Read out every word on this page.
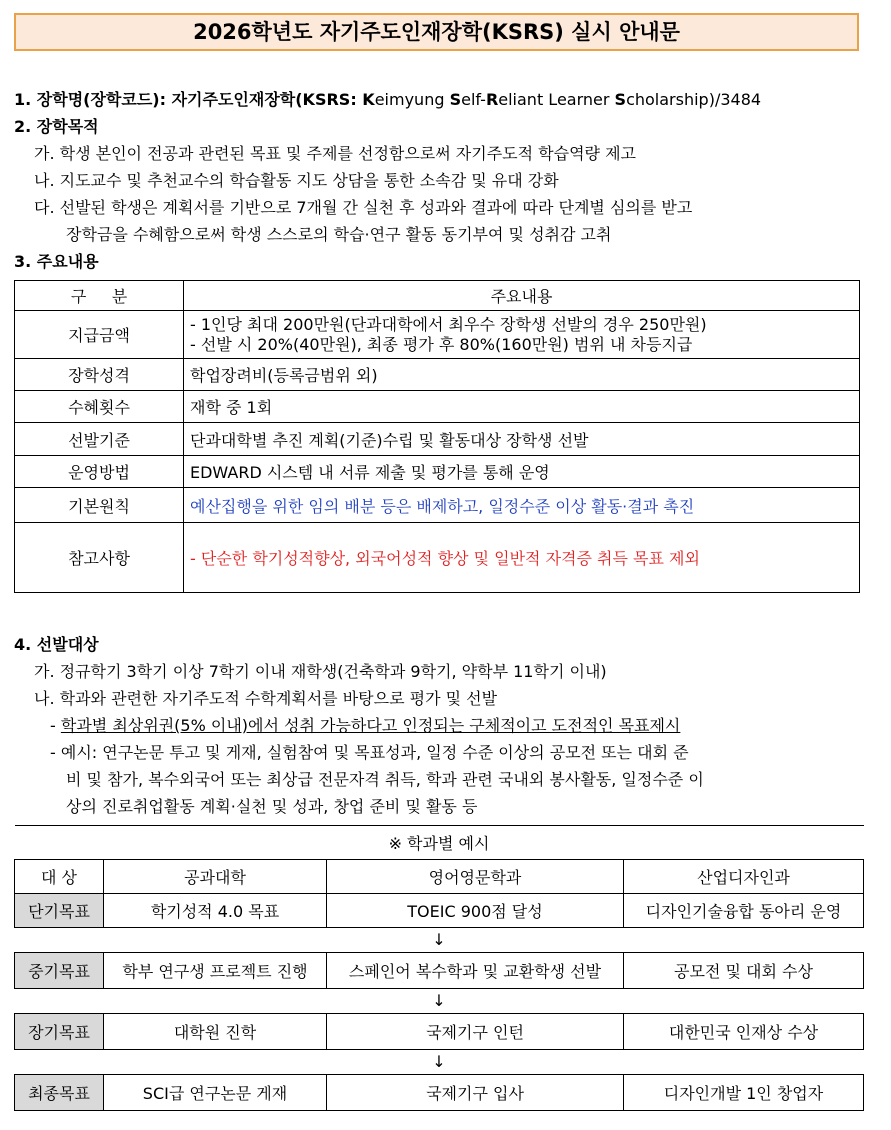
2026학년도 자기주도인재장학(KSRS) 실시 안내문
1. 장학명(장학코드): 자기주도인재장학(KSRS: Keimyung Self-Reliant Learner Scholarship)/3484
2. 장학목적
가. 학생 본인이 전공과 관련된 목표 및 주제를 선정함으로써 자기주도적 학습역량 제고
나. 지도교수 및 추천교수의 학습활동 지도 상담을 통한 소속감 및 유대 강화
다. 선발된 학생은 계획서를 기반으로 7개월 간 실천 후 성과와 결과에 따라 단계별 심의를 받고
장학금을 수혜함으로써 학생 스스로의 학습·연구 활동 동기부여 및 성취감 고취
3. 주요내용
구     분	주요내용
지급금액	- 1인당 최대 200만원(단과대학에서 최우수 장학생 선발의 경우 250만원)
- 선발 시 20%(40만원), 최종 평가 후 80%(160만원) 범위 내 차등지급

장학성격	학업장려비(등록금범위 외)
수혜횟수	재학 중 1회
선발기준	단과대학별 추진 계획(기준)수립 및 활동대상 장학생 선발
운영방법	EDWARD 시스템 내 서류 제출 및 평가를 통해 운영
기본원칙	예산집행을 위한 임의 배분 등은 배제하고, 일정수준 이상 활동·결과 촉진
참고사항	- 단순한 학기성적향상, 외국어성적 향상 및 일반적 자격증 취득 목표 제외
4. 선발대상
가. 정규학기 3학기 이상 7학기 이내 재학생(건축학과 9학기, 약학부 11학기 이내)
나. 학과와 관련한 자기주도적 수학계획서를 바탕으로 평가 및 선발
- 학과별 최상위권(5% 이내)에서 성취 가능하다고 인정되는 구체적이고 도전적인 목표제시
- 예시: 연구논문 투고 및 게재, 실험참여 및 목표성과, 일정 수준 이상의 공모전 또는 대회 준
비 및 참가, 복수외국어 또는 최상급 전문자격 취득, 학과 관련 국내외 봉사활동, 일정수준 이
상의 진로취업활동 계획·실천 및 성과, 창업 준비 및 활동 등
※ 학과별 예시			
대 상	공과대학	영어영문학과	산업디자인과
단기목표	학기성적 4.0 목표	TOEIC 900점 달성	디자인기술융합 동아리 운영
↓			
중기목표	학부 연구생 프로젝트 진행	스페인어 복수학과 및 교환학생 선발	공모전 및 대회 수상
↓			
장기목표	대학원 진학	국제기구 인턴	대한민국 인재상 수상
↓			
최종목표	SCI급 연구논문 게재	국제기구 입사	디자인개발 1인 창업자
